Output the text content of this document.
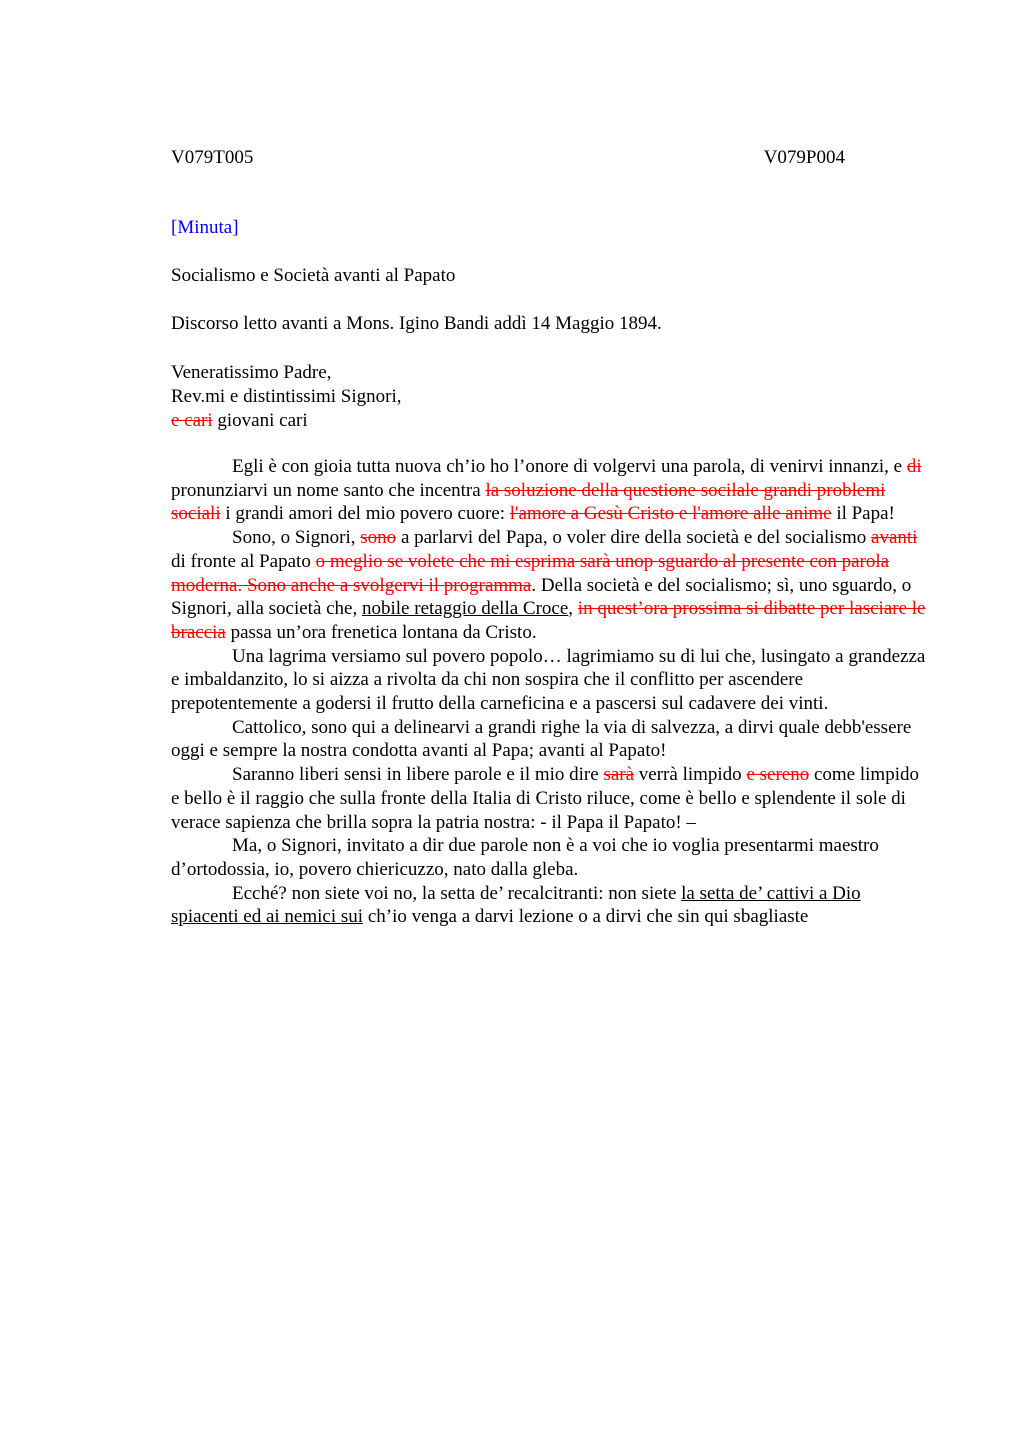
V079T005	V079P004
[Minuta]
Socialismo e Società avanti al Papato
Discorso letto avanti a Mons. Igino Bandi addì 14 Maggio 1894.
Veneratissimo Padre,
Rev.mi e distintissimi Signori,
e cari giovani cari

Egli è con gioia tutta nuova ch’io ho l’onore di volgervi una parola, di venirvi innanzi, e di pronunziarvi un nome santo che incentra la soluzione della questione socilale grandi problemi sociali i grandi amori del mio povero cuore: l'amore a Gesù Cristo e l'amore alle anime il Papa!

Sono, o Signori, sono a parlarvi del Papa, o voler dire della società e del socialismo avanti di fronte al Papato o meglio se volete che mi esprima sarà unop sguardo al presente con parola moderna. Sono anche a svolgervi il programma. Della società e del socialismo; sì, uno sguardo, o Signori, alla società che, nobile retaggio della Croce, in quest’ora prossima si dibatte per lasciare le braccia passa un’ora frenetica lontana da Cristo.

Una lagrima versiamo sul povero popolo… lagrimiamo su di lui che, lusingato a grandezza e imbaldanzito, lo si aizza a rivolta da chi non sospira che il conflitto per ascendere prepotentemente a godersi il frutto della carneficina e a pascersi sul cadavere dei vinti.

Cattolico, sono qui a delinearvi a grandi righe la via di salvezza, a dirvi quale debb'essere oggi e sempre la nostra condotta avanti al Papa; avanti al Papato!

Saranno liberi sensi in libere parole e il mio dire sarà verrà limpido e sereno come limpido e bello è il raggio che sulla fronte della Italia di Cristo riluce, come è bello e splendente il sole di verace sapienza che brilla sopra la patria nostra: - il Papa il Papato! –

Ma, o Signori, invitato a dir due parole non è a voi che io voglia presentarmi maestro d’ortodossia, io, povero chiericuzzo, nato dalla gleba.

Ecché? non siete voi no, la setta de’ recalcitranti: non siete la setta de’ cattivi a Dio spiacenti ed ai nemici sui ch’io venga a darvi lezione o a dirvi che sin qui sbagliaste
